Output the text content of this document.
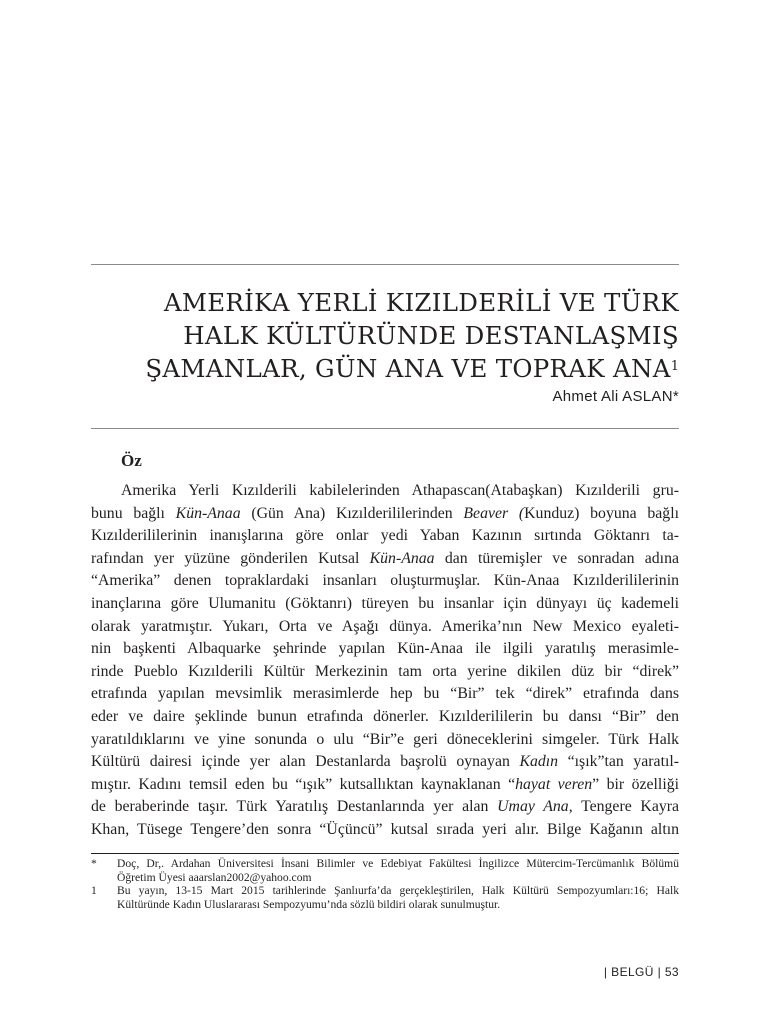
AMERİKA YERLİ KIZILDERİLİ VE TÜRK
HALK KÜLTÜRÜNDE DESTANLAŞMIŞ
ŞAMANLAR, GÜN ANA VE TOPRAK ANA$^1$
Ahmet Ali ASLAN*
Öz
Amerika Yerli Kızılderili kabilelerinden Athapascan(Atabaşkan) Kızılderili gru-
bunu bağlı Kün-Anaa (Gün Ana) Kızılderililerinden Beaver (Kunduz) boyuna bağlı
Kızılderililerinin inanışlarına göre onlar yedi Yaban Kazının sırtında Göktanrı ta-
rafından yer yüzüne gönderilen Kutsal Kün-Anaa dan türemişler ve sonradan adına
“Amerika” denen topraklardaki insanları oluşturmuşlar. Kün-Anaa Kızılderililerinin
inançlarına göre Ulumanitu (Göktanrı) türeyen bu insanlar için dünyayı üç kademeli
olarak yaratmıştır. Yukarı, Orta ve Aşağı dünya. Amerika’nın New Mexico eyaleti-
nin başkenti Albaquarke şehrinde yapılan Kün-Anaa ile ilgili yaratılış merasimle-
rinde Pueblo Kızılderili Kültür Merkezinin tam orta yerine dikilen düz bir “direk”
etrafında yapılan mevsimlik merasimlerde hep bu “Bir” tek “direk” etrafında dans
eder ve daire şeklinde bunun etrafında dönerler. Kızılderililerin bu dansı “Bir” den
yaratıldıklarını ve yine sonunda o ulu “Bir”e geri döneceklerini simgeler. Türk Halk
Kültürü dairesi içinde yer alan Destanlarda başrolü oynayan Kadın “ışık”tan yaratıl-
mıştır. Kadını temsil eden bu “ışık” kutsallıktan kaynaklanan “hayat veren” bir özelliği
de beraberinde taşır. Türk Yaratılış Destanlarında yer alan Umay Ana, Tengere Kayra
Khan, Tüsege Tengere’den sonra “Üçüncü” kutsal sırada yeri alır. Bilge Kağanın altın
*	Doç, Dr,. Ardahan Üniversitesi İnsani Bilimler ve Edebiyat Fakültesi İngilizce Mütercim-Tercümanlık Bölümü
Öğretim Üyesi aaarslan2002@yahoo.com
1	Bu yayın, 13-15 Mart 2015 tarihlerinde Şanlıurfa’da gerçekleştirilen, Halk Kültürü Sempozyumları:16; Halk
Kültüründe Kadın Uluslararası Sempozyumu’nda sözlü bildiri olarak sunulmuştur.
| BELGÜ | 53
